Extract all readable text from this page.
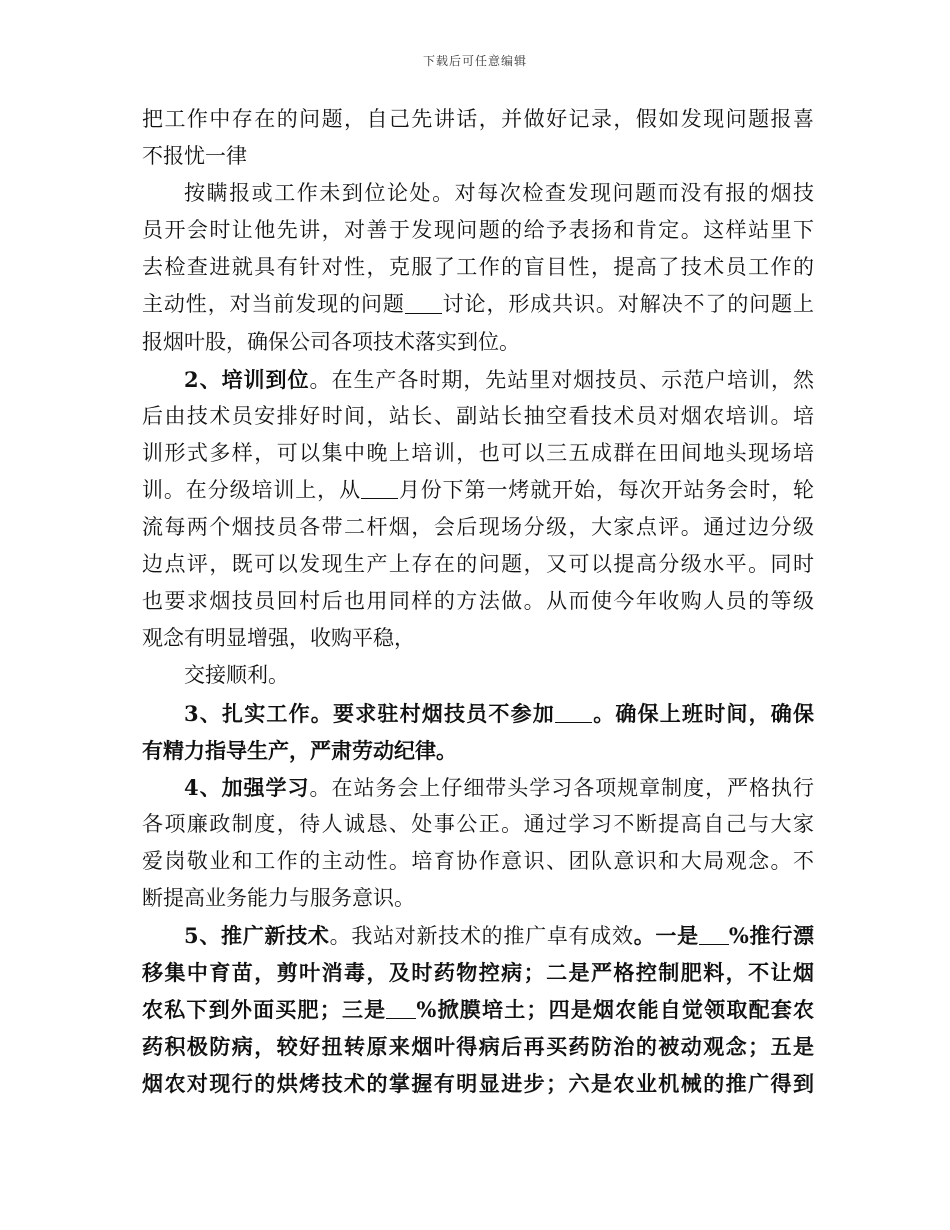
下载后可任意编辑
把工作中存在的问题，自己先讲话，并做好记录，假如发现问题报喜
不报忧一律
按瞒报或工作未到位论处。对每次检查发现问题而没有报的烟技
员开会时让他先讲，对善于发现问题的给予表扬和肯定。这样站里下
去检查进就具有针对性，克服了工作的盲目性，提高了技术员工作的
主动性，对当前发现的问题 讨论，形成共识。对解决不了的问题上
报烟叶股，确保公司各项技术落实到位。
2、培训到位。在生产各时期，先站里对烟技员、示范户培训，然
后由技术员安排好时间，站长、副站长抽空看技术员对烟农培训。培
训形式多样，可以集中晚上培训，也可以三五成群在田间地头现场培
训。在分级培训上，从 月份下第一烤就开始，每次开站务会时，轮
流每两个烟技员各带二杆烟，会后现场分级，大家点评。通过边分级
边点评，既可以发现生产上存在的问题，又可以提高分级水平。同时
也要求烟技员回村后也用同样的方法做。从而使今年收购人员的等级
观念有明显增强，收购平稳，
交接顺利。
3、扎实工作。要求驻村烟技员不参加 。确保上班时间，确保
有精力指导生产，严肃劳动纪律。
4、加强学习。在站务会上仔细带头学习各项规章制度，严格执行
各项廉政制度，待人诚恳、处事公正。通过学习不断提高自己与大家
爱岗敬业和工作的主动性。培育协作意识、团队意识和大局观念。不
断提高业务能力与服务意识。
5、推广新技术。我站对新技术的推广卓有成效。一是 %推行漂
移集中育苗，剪叶消毒，及时药物控病；二是严格控制肥料，不让烟
农私下到外面买肥；三是 %掀膜培土；四是烟农能自觉领取配套农
药积极防病，较好扭转原来烟叶得病后再买药防治的被动观念；五是
烟农对现行的烘烤技术的掌握有明显进步；六是农业机械的推广得到
